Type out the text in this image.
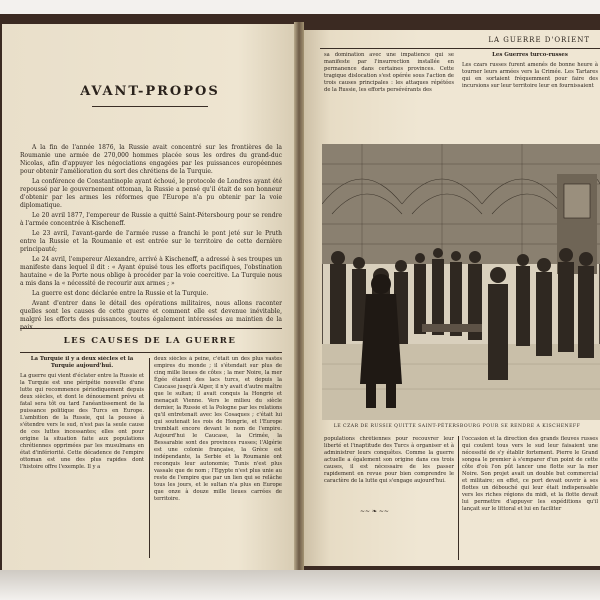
AVANT-PROPOS

A la fin de l'année 1876, la Russie avait concentré sur les frontières de la Roumanie une armée de 270,000 hommes placée sous les ordres du grand-duc Nicolas, afin d'appuyer les négociations engagées par les puissances européennes pour obtenir l'amélioration du sort des chrétiens de la Turquie.

La conférence de Constantinople ayant échoué, le protocole de Londres ayant été repoussé par le gouvernement ottoman, la Russie a pensé qu'il était de son honneur d'obtenir par les armes les réformes que l'Europe n'a pu obtenir par la voie diplomatique.

Le 20 avril 1877, l'empereur de Russie a quitté Saint-Pétersbourg pour se rendre à l'armée concentrée à Kischeneff.

Le 23 avril, l'avant-garde de l'armée russe a franchi le pont jeté sur le Pruth entre la Russie et la Roumanie et est entrée sur le territoire de cette dernière principauté;

Le 24 avril, l'empereur Alexandre, arrivé à Kischeneff, a adressé à ses troupes un manifeste dans lequel il dit : « Ayant épuisé tous les efforts pacifiques, l'obstination hautaine « de la Porte nous oblige à procéder par la voie coercitive. La Turquie nous a mis dans la « nécessité de recourir aux armes ; »

La guerre est donc déclarée entre la Russie et la Turquie.

Avant d'entrer dans le détail des opérations militaires, nous allons raconter quelles sont les causes de cette guerre et comment elle est devenue inévitable, malgré les efforts des puissances, toutes également intéressées au maintien de la

LES CAUSES DE LA GUERRE
La Turquie il y a deux siècles et la Turquie aujourd'hui.
La guerre qui vient d'éclater entre la Russie et la Turquie est une péripétie nouvelle d'une lutte qui recommence périodiquement depuis deux siècles, et dont le dénouement prévu et fatal sera tôt ou tard l'anéantissement de la puissance politique des Turcs en Europe. L'ambition de la Russie, qui la pousse à s'étendre vers le sud, n'est pas la seule cause de ces luttes incessantes; elles ont pour origine la situation faite aux populations chrétiennes opprimées par les musulmans en état d'infériorité. Cette décadence de l'empire ottoman est une des plus rapides dont l'histoire offre l'exemple. Il y a
deux siècles à peine, c'était un des plus vastes empires du monde ; il s'étendait sur plus de cinq mille lieues de côtes ; la mer Noire, la mer Égée étaient des lacs turcs, et depuis la Caucase jusqu'à Alger, il n'y avait d'autre maître que le sultan; il avait conquis la Hongrie et menaçait Vienne. Vers le milieu du siècle dernier, la Russie et la Pologne par les relations qu'il entretenait avec les Cosaques ; c'était lui qui soutenait les rois de Hongrie, et l'Europe tremblait encore devant le nom de l'empire. Aujourd'hui le Caucase, la Crimée, la Bessarabie sont des provinces russes; l'Algérie est une colonie française, la Grèce est indépendante, la Serbie et la Roumanie ont reconquis leur autonomie; Tunis n'est plus vassale que de nom ; l'Egypte n'est plus unie au reste de l'empire que par un lien qui se relâche tous les jours, et le sultan n'a plus en Europe que onze à douze mille lieues carrées de territoire.
LA GUERRE D'ORIENT
sa domination avec une impatience qui se manifeste par l'insurrection installée en permanence dans certaines provinces. Cette tragique dislocation s'est opérée sous l'action de trois causes principales : les attaques répétées de la Russie, les efforts persévérants des
Les Guerres turco-russes
Les czars russes furent amenés de bonne heure à tourner leurs armées vers la Crimée. Les Tartares qui en sortaient fréquemment pour faire des incursions sur leur territoire leur en fournissaient
LE CZAR DE RUSSIE QUITTE SAINT-PÉTERSBOURG POUR SE RENDRE A KISCHENEFF
populations chrétiennes pour recouvrer leur liberté et l'inaptitude des Turcs à organiser et à administrer leurs conquêtes. Comme la guerre actuelle a également son origine dans ces trois causes, il est nécessaire de les passer rapidement en revue pour bien comprendre le caractère de la lutte qui s'engage aujourd'hui.
~~ ❧ ~~
l'occasion et la direction des grands fleuves russes qui coulent tous vers le sud leur faisaient une nécessité de s'y établir fortement. Pierre le Grand songea le premier à s'emparer d'un point de cette côte d'où l'on pût lancer une flotte sur la mer Noire. Son projet avait un double but commercial et militaire; en effet, ce port devait ouvrir à ses flottes un débouché qui leur était indispensable vers les riches régions du midi, et la flotte devait lui permettre d'appuyer les expéditions qu'il lançait sur le littoral et lui en faciliter
